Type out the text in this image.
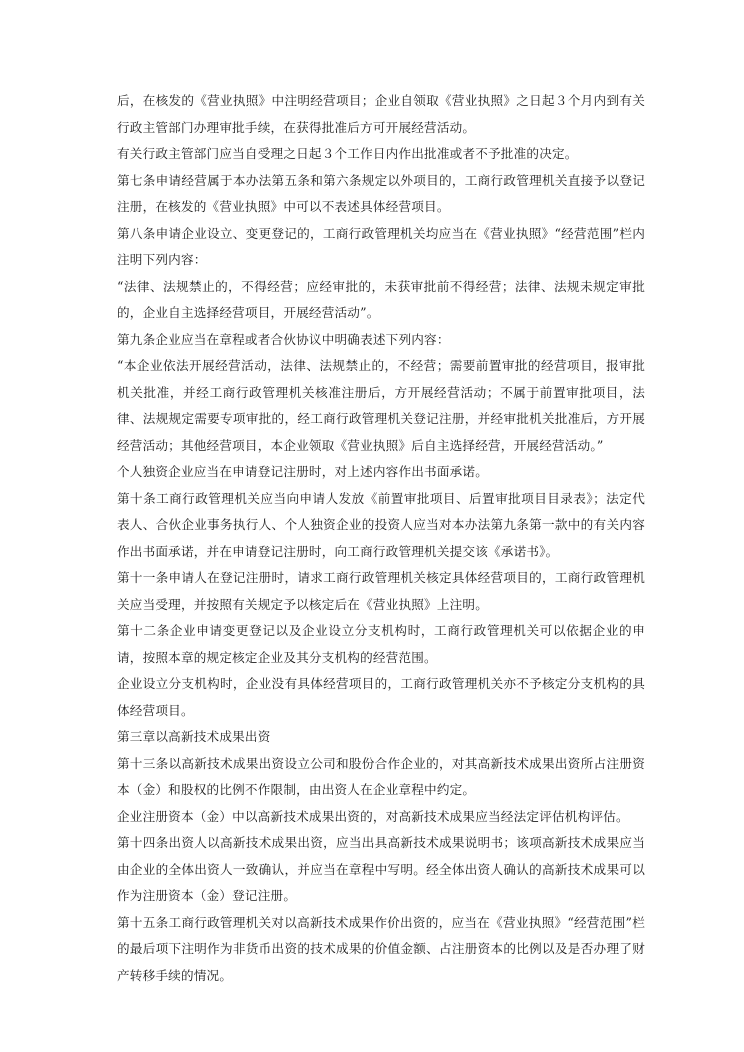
后，在核发的《营业执照》中注明经营项目；企业自领取《营业执照》之日起３个月内到有关行政主管部门办理审批手续，在获得批准后方可开展经营活动。

有关行政主管部门应当自受理之日起３个工作日内作出批准或者不予批准的决定。

第七条申请经营属于本办法第五条和第六条规定以外项目的，工商行政管理机关直接予以登记注册，在核发的《营业执照》中可以不表述具体经营项目。

第八条申请企业设立、变更登记的，工商行政管理机关均应当在《营业执照》“经营范围”栏内注明下列内容：

“法律、法规禁止的，不得经营；应经审批的，未获审批前不得经营；法律、法规未规定审批的，企业自主选择经营项目，开展经营活动”。

第九条企业应当在章程或者合伙协议中明确表述下列内容：

“本企业依法开展经营活动，法律、法规禁止的，不经营；需要前置审批的经营项目，报审批机关批准，并经工商行政管理机关核准注册后，方开展经营活动；不属于前置审批项目，法律、法规规定需要专项审批的，经工商行政管理机关登记注册，并经审批机关批准后，方开展经营活动；其他经营项目，本企业领取《营业执照》后自主选择经营，开展经营活动。”

个人独资企业应当在申请登记注册时，对上述内容作出书面承诺。

第十条工商行政管理机关应当向申请人发放《前置审批项目、后置审批项目目录表》；法定代表人、合伙企业事务执行人、个人独资企业的投资人应当对本办法第九条第一款中的有关内容作出书面承诺，并在申请登记注册时，向工商行政管理机关提交该《承诺书》。

第十一条申请人在登记注册时，请求工商行政管理机关核定具体经营项目的，工商行政管理机关应当受理，并按照有关规定予以核定后在《营业执照》上注明。

第十二条企业申请变更登记以及企业设立分支机构时，工商行政管理机关可以依据企业的申请，按照本章的规定核定企业及其分支机构的经营范围。

企业设立分支机构时，企业没有具体经营项目的，工商行政管理机关亦不予核定分支机构的具体经营项目。

第三章以高新技术成果出资

第十三条以高新技术成果出资设立公司和股份合作企业的，对其高新技术成果出资所占注册资本（金）和股权的比例不作限制，由出资人在企业章程中约定。

企业注册资本（金）中以高新技术成果出资的，对高新技术成果应当经法定评估机构评估。

第十四条出资人以高新技术成果出资，应当出具高新技术成果说明书；该项高新技术成果应当由企业的全体出资人一致确认，并应当在章程中写明。经全体出资人确认的高新技术成果可以作为注册资本（金）登记注册。

第十五条工商行政管理机关对以高新技术成果作价出资的，应当在《营业执照》“经营范围”栏的最后项下注明作为非货币出资的技术成果的价值金额、占注册资本的比例以及是否办理了财产转移手续的情况。
